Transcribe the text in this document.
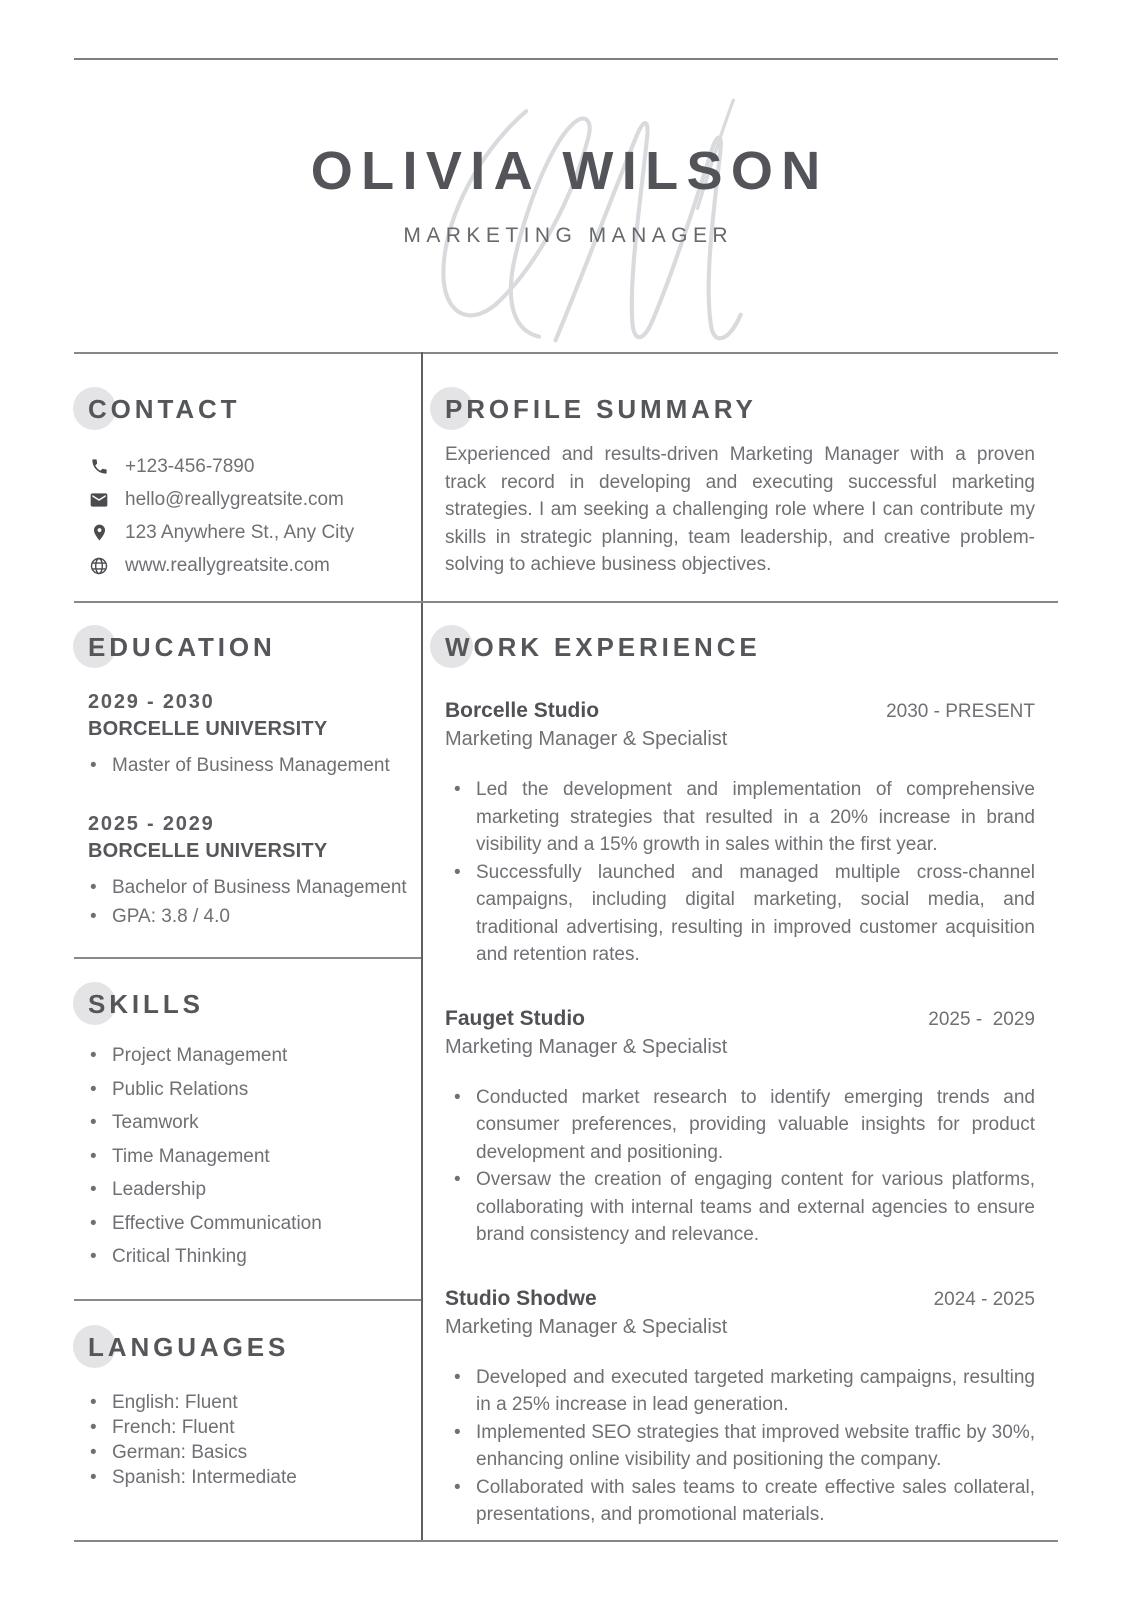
OLIVIA WILSON
MARKETING MANAGER
CONTACT
+123-456-7890
hello@reallygreatsite.com
123 Anywhere St., Any City
www.reallygreatsite.com
PROFILE SUMMARY

Experienced and results-driven Marketing Manager with a proven track record in developing and executing successful marketing strategies. I am seeking a challenging role where I can contribute my skills in strategic planning, team leadership, and creative problem-solving to achieve business objectives.

EDUCATION
2029 - 2030
BORCELLE UNIVERSITY
• Master of Business Management
2025 - 2029
BORCELLE UNIVERSITY
• Bachelor of Business Management
• GPA: 3.8 / 4.0
SKILLS
• Project Management
• Public Relations
• Teamwork
• Time Management
• Leadership
• Effective Communication
• Critical Thinking
LANGUAGES
• English: Fluent
• French: Fluent
• German: Basics
• Spanish: Intermediate
WORK EXPERIENCE
Borcelle Studio	2030 - PRESENT
Marketing Manager & Specialist
• Led the development and implementation of comprehensive marketing strategies that resulted in a 20% increase in brand visibility and a 15% growth in sales within the first year.
• Successfully launched and managed multiple cross-channel campaigns, including digital marketing, social media, and traditional advertising, resulting in improved customer acquisition and retention rates.
Fauget Studio	2025 -  2029
Marketing Manager & Specialist
• Conducted market research to identify emerging trends and consumer preferences, providing valuable insights for product development and positioning.
• Oversaw the creation of engaging content for various platforms, collaborating with internal teams and external agencies to ensure brand consistency and relevance.
Studio Shodwe	2024 - 2025
Marketing Manager & Specialist
• Developed and executed targeted marketing campaigns, resulting in a 25% increase in lead generation.
• Implemented SEO strategies that improved website traffic by 30%, enhancing online visibility and positioning the company.
• Collaborated with sales teams to create effective sales collateral, presentations, and promotional materials.
